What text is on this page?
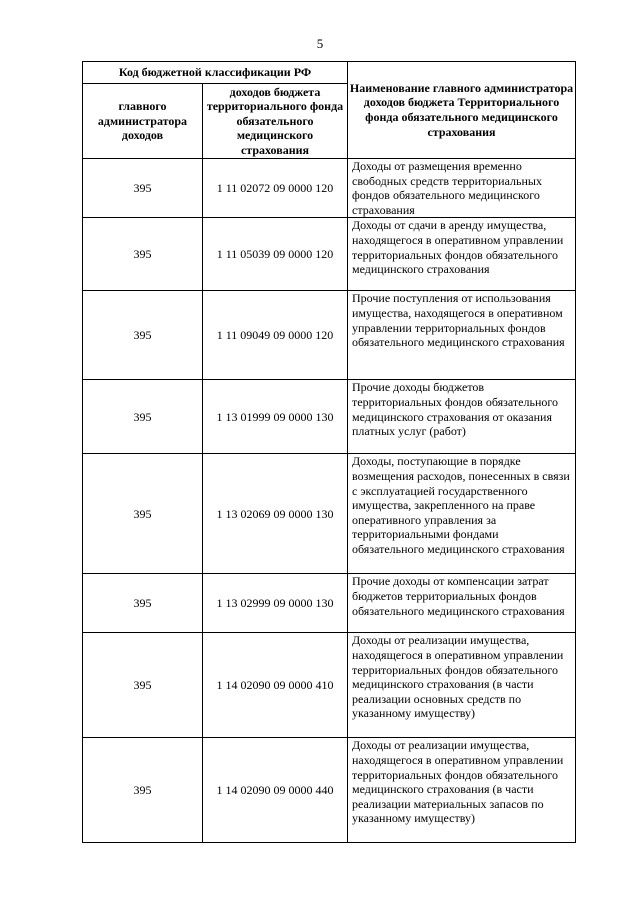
5
Код бюджетной классификации РФ		Наименование главного администратора доходов бюджета Территориального фонда обязательного медицинского страхования
главного администратора доходов	доходов бюджета территориального фонда обязательного медицинского страхования	
395	1 11 02072 09 0000 120	Доходы от размещения временно свободных средств территориальных фондов обязательного медицинского страхования
395	1 11 05039 09 0000 120	Доходы от сдачи в аренду имущества, находящегося в оперативном управлении территориальных фондов обязательного медицинского страхования
395	1 11 09049 09 0000 120	Прочие поступления от использования имущества, находящегося в оперативном управлении территориальных фондов обязательного медицинского страхования
395	1 13 01999 09 0000 130	Прочие доходы бюджетов территориальных фондов обязательного медицинского страхования от оказания платных услуг (работ)
395	1 13 02069 09 0000 130	Доходы, поступающие в порядке возмещения расходов, понесенных в связи с эксплуатацией государственного имущества, закрепленного на праве оперативного управления за территориальными фондами обязательного медицинского страхования
395	1 13 02999 09 0000 130	Прочие доходы от компенсации затрат бюджетов территориальных фондов обязательного медицинского страхования
395	1 14 02090 09 0000 410	Доходы от реализации имущества, находящегося в оперативном управлении территориальных фондов обязательного медицинского страхования (в части реализации основных средств по указанному имуществу)
395	1 14 02090 09 0000 440	Доходы от реализации имущества, находящегося в оперативном управлении территориальных фондов обязательного медицинского страхования (в части реализации материальных запасов по указанному имуществу)
